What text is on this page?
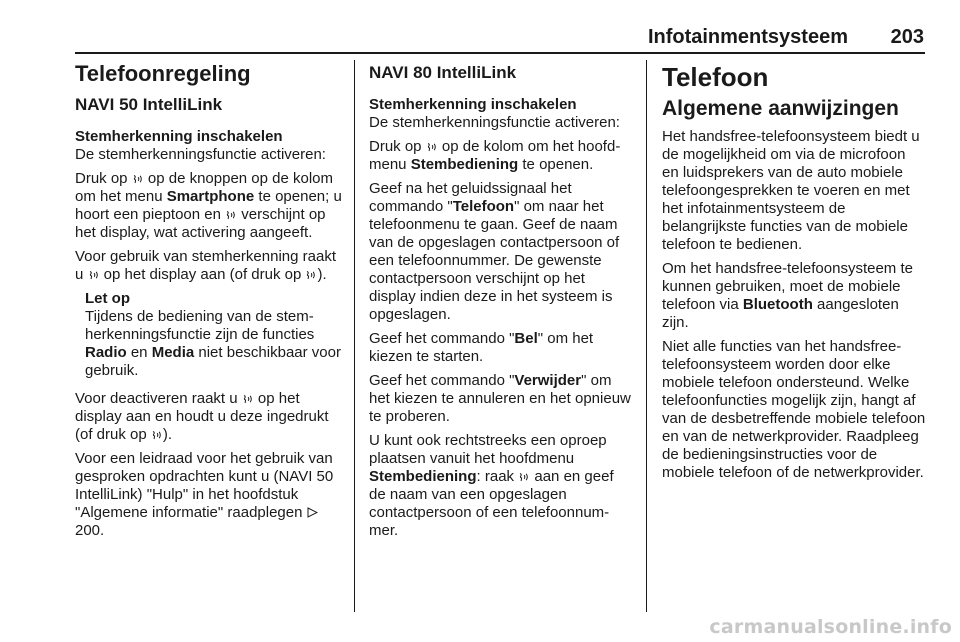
Infotainmentsysteem 203
Telefoonregeling
NAVI 50 IntelliLink
Stemherkenning inschakelen

De stemherkenningsfunctie activeren:

Druk op
op de knoppen op de kolom om het menu Smartphone te openen; u hoort een pieptoon en
verschijnt op het display, wat activering aangeeft.

Voor gebruik van stemherkenning raakt u
op het display aan (of druk op
).

Let op

Tijdens de bediening van de stemherkenningsfunctie zijn de functies Radio en Media niet beschikbaar voor gebruik.

Voor deactiveren raakt u
op het display aan en houdt u deze ingedrukt (of druk op
).

Voor een leidraad voor het gebruik van gesproken opdrachten kunt u (NAVI 50 IntelliLink) "Hulp" in het hoofdstuk "Algemene informatie" raadplegen  200.

NAVI 80 IntelliLink
Stemherkenning inschakelen

De stemherkenningsfunctie activeren:

Druk op
op de kolom om het hoofdmenu Stembediening te openen.

Geef na het geluidssignaal het commando "Telefoon" om naar het telefoonmenu te gaan. Geef de naam van de opgeslagen contactpersoon of een telefoonnummer. De gewenste contactpersoon verschijnt op het display indien deze in het systeem is opgeslagen.

Geef het commando "Bel" om het kiezen te starten.

Geef het commando "Verwijder" om het kiezen te annuleren en het opnieuw te proberen.

U kunt ook rechtstreeks een oproep plaatsen vanuit het hoofdmenu Stembediening: raak
aan en geef de naam van een opgeslagen contactpersoon of een telefoonnummer.

Telefoon
Algemene aanwijzingen

Het handsfree-telefoonsysteem biedt u de mogelijkheid om via de microfoon en luidsprekers van de auto mobiele telefoongesprekken te voeren en met het infotainmentsysteem de belangrijkste functies van de mobiele telefoon te bedienen.

Om het handsfree-telefoonsysteem te kunnen gebruiken, moet de mobiele telefoon via Bluetooth aangesloten zijn.

Niet alle functies van het handsfree-telefoonsysteem worden door elke mobiele telefoon ondersteund. Welke telefoonfuncties mogelijk zijn, hangt af van de desbetreffende mobiele telefoon en van de netwerkprovider. Raadpleeg de bedieningsinstructies voor de mobiele telefoon of de netwerkprovider.

carmanualsonline.info
